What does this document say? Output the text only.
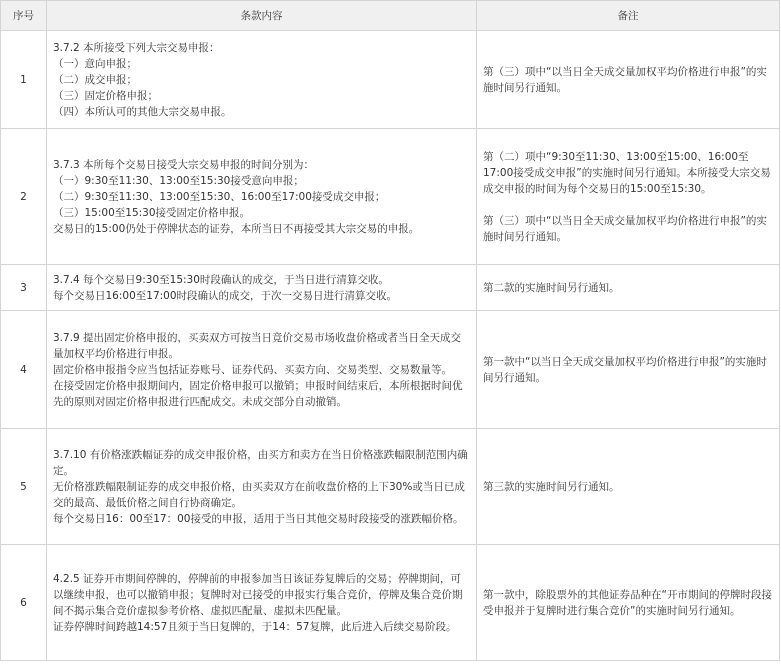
序号	条款内容	备注
1	3.7.2 本所接受下列大宗交易申报：
（一）意向申报；
（二）成交申报；
（三）固定价格申报；
（四）本所认可的其他大宗交易申报。	第（三）项中“以当日全天成交量加权平均价格进行申报”的实施时间另行通知。

2	3.7.3 本所每个交易日接受大宗交易申报的时间分别为：
（一）9:30至11:30、13:00至15:30接受意向申报；
（二）9:30至11:30、13:00至15:30、16:00至17:00接受成交申报；
（三）15:00至15:30接受固定价格申报。
交易日的15:00仍处于停牌状态的证券，本所当日不再接受其大宗交易的申报。	第（二）项中“9:30至11:30、13:00至15:00、16:00至17:00接受成交申报”的实施时间另行通知。本所接受大宗交易成交申报的时间为每个交易日的15:00至15:30。
第（三）项中“以当日全天成交量加权平均价格进行申报”的实施时间另行通知。

3	3.7.4 每个交易日9:30至15:30时段确认的成交，于当日进行清算交收。
每个交易日16:00至17:00时段确认的成交，于次一交易日进行清算交收。	第二款的实施时间另行通知。

4	3.7.9 提出固定价格申报的，买卖双方可按当日竞价交易市场收盘价格或者当日全天成交量加权平均价格进行申报。
固定价格申报指令应当包括证券账号、证券代码、买卖方向、交易类型、交易数量等。
在接受固定价格申报期间内，固定价格申报可以撤销；申报时间结束后，本所根据时间优先的原则对固定价格申报进行匹配成交。未成交部分自动撤销。	第一款中“以当日全天成交量加权平均价格进行申报”的实施时间另行通知。

5	3.7.10 有价格涨跌幅证券的成交申报价格，由买方和卖方在当日价格涨跌幅限制范围内确定。
无价格涨跌幅限制证券的成交申报价格，由买卖双方在前收盘价格的上下30%或当日已成交的最高、最低价格之间自行协商确定。
每个交易日16：00至17：00接受的申报，适用于当日其他交易时段接受的涨跌幅价格。	第三款的实施时间另行通知。

6	4.2.5 证券开市期间停牌的，停牌前的申报参加当日该证券复牌后的交易；停牌期间，可以继续申报，也可以撤销申报；复牌时对已接受的申报实行集合竞价，停牌及集合竞价期间不揭示集合竞价虚拟参考价格、虚拟匹配量、虚拟未匹配量。
证券停牌时间跨越14:57且须于当日复牌的，于14：57复牌，此后进入后续交易阶段。	第一款中，除股票外的其他证券品种在“开市期间的停牌时段接受申报并于复牌时进行集合竞价”的实施时间另行通知。
